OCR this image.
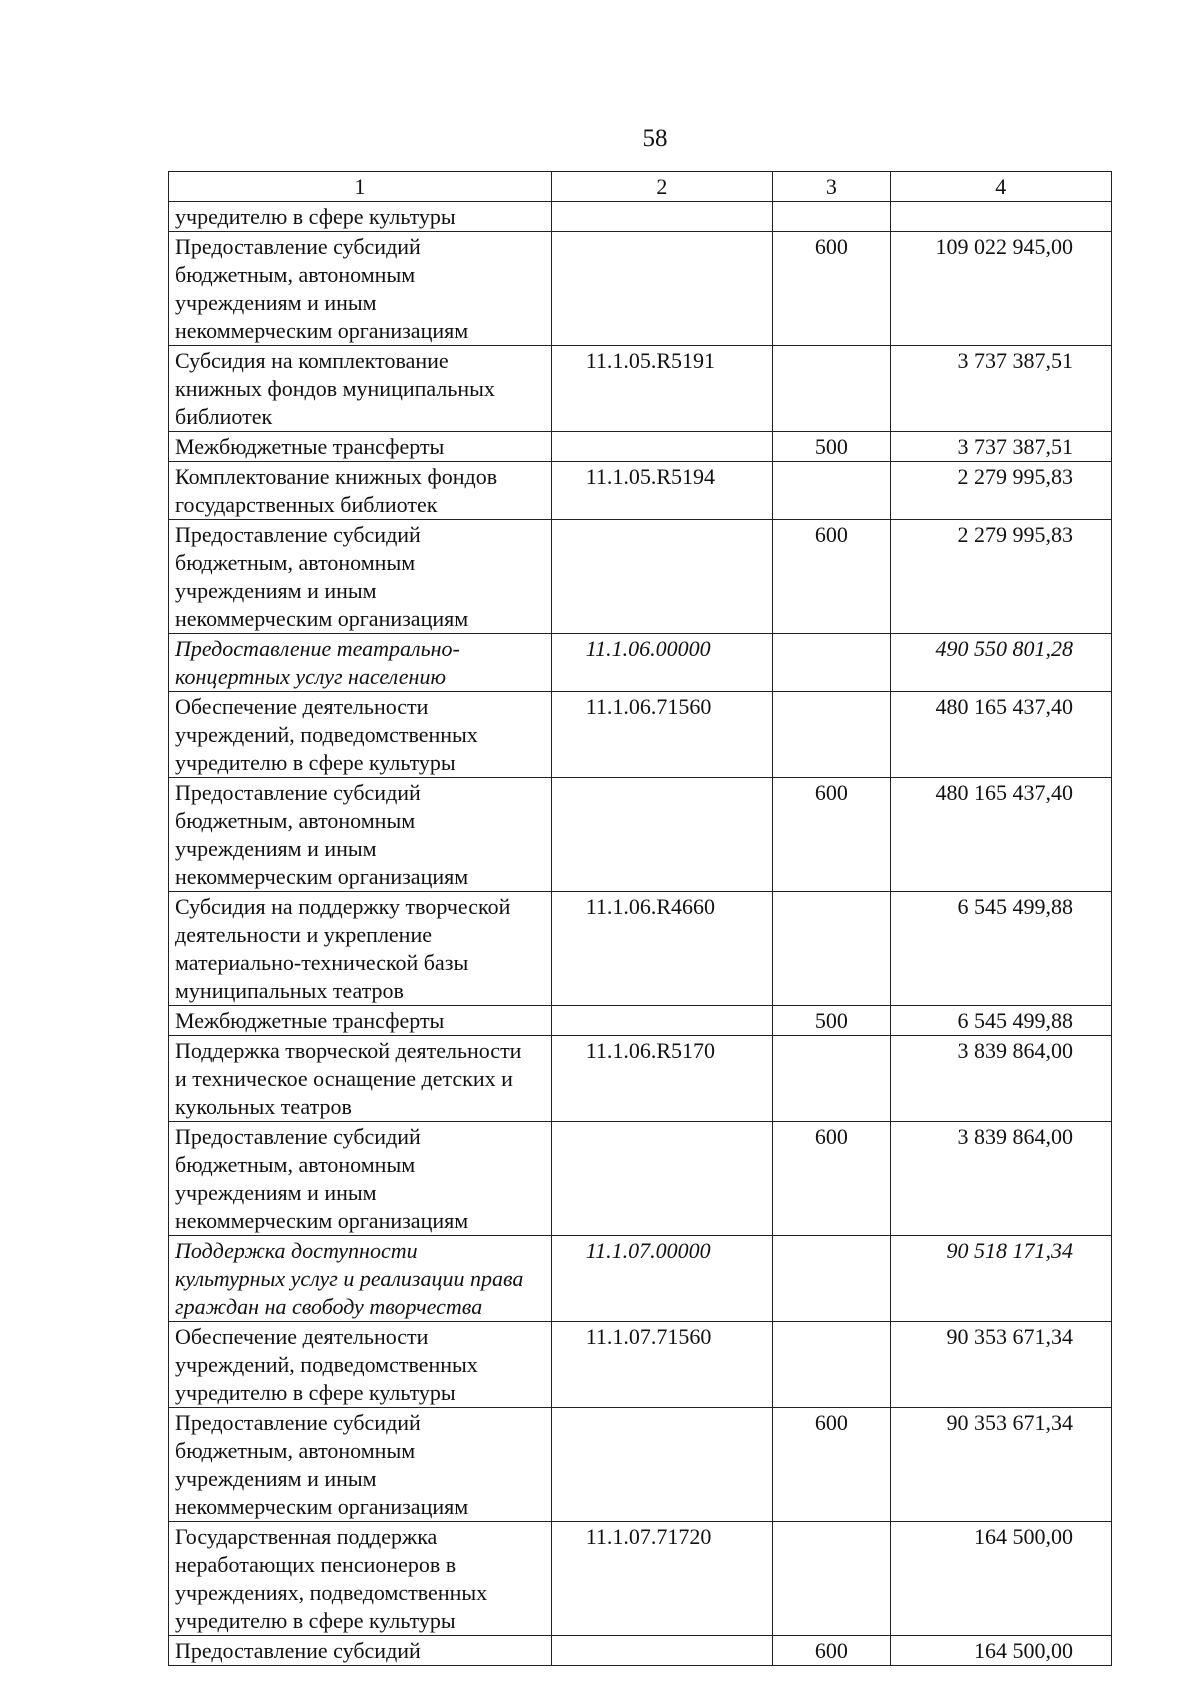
58
1	2	3	4

учредителю в сфере культуры			

Предоставление субсидий
бюджетным, автономным
учреждениям и иным
некоммерческим организациям		600	109 022 945,00

Субсидия на комплектование
книжных фондов муниципальных
библиотек	11.1.05.R5191		3 737 387,51

Межбюджетные трансферты		500	3 737 387,51

Комплектование книжных фондов
государственных библиотек	11.1.05.R5194		2 279 995,83

Предоставление субсидий
бюджетным, автономным
учреждениям и иным
некоммерческим организациям		600	2 279 995,83

Предоставление театрально-
концертных услуг населению	11.1.06.00000		490 550 801,28

Обеспечение деятельности
учреждений, подведомственных
учредителю в сфере культуры	11.1.06.71560		480 165 437,40

Предоставление субсидий
бюджетным, автономным
учреждениям и иным
некоммерческим организациям		600	480 165 437,40

Субсидия на поддержку творческой
деятельности и укрепление
материально-технической базы
муниципальных театров	11.1.06.R4660		6 545 499,88

Межбюджетные трансферты		500	6 545 499,88

Поддержка творческой деятельности
и техническое оснащение детских и
кукольных театров	11.1.06.R5170		3 839 864,00

Предоставление субсидий
бюджетным, автономным
учреждениям и иным
некоммерческим организациям		600	3 839 864,00

Поддержка доступности
культурных услуг и реализации права
граждан на свободу творчества	11.1.07.00000		90 518 171,34

Обеспечение деятельности
учреждений, подведомственных
учредителю в сфере культуры	11.1.07.71560		90 353 671,34

Предоставление субсидий
бюджетным, автономным
учреждениям и иным
некоммерческим организациям		600	90 353 671,34

Государственная поддержка
неработающих пенсионеров в
учреждениях, подведомственных
учредителю в сфере культуры	11.1.07.71720		164 500,00

Предоставление субсидий		600	164 500,00
